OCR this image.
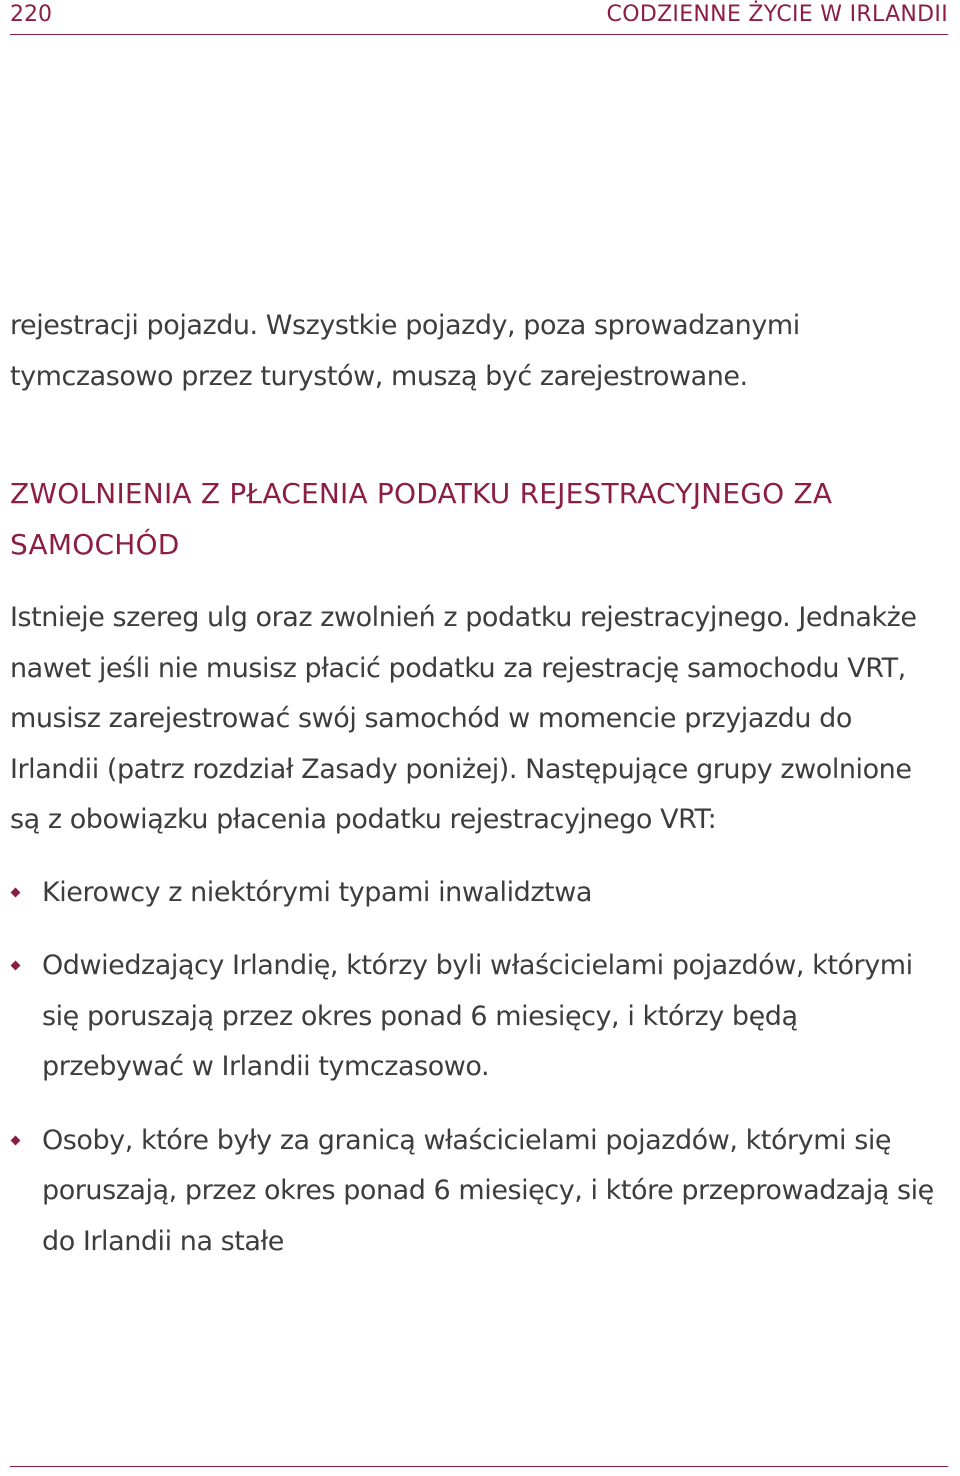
220	CODZIENNE ŻYCIE W IRLANDII

rejestracji pojazdu. Wszystkie pojazdy, poza sprowadzanymi tymczasowo przez turystów, muszą być zarejestrowane.

ZWOLNIENIA Z PŁACENIA PODATKU REJESTRACYJNEGO ZA SAMOCHÓD

Istnieje szereg ulg oraz zwolnień z podatku rejestracyjnego. Jednakże nawet jeśli nie musisz płacić podatku za rejestrację samochodu VRT, musisz zarejestrować swój samochód w momencie przyjazdu do Irlandii (patrz rozdział Zasady poniżej). Następujące grupy zwolnione są z obowiązku płacenia podatku rejestracyjnego VRT:

Kierowcy z niektórymi typami inwalidztwa
Odwiedzający Irlandię, którzy byli właścicielami pojazdów, którymi się poruszają przez okres ponad 6 miesięcy, i którzy będą przebywać w Irlandii tymczasowo.
Osoby, które były za granicą właścicielami pojazdów, którymi się poruszają, przez okres ponad 6 miesięcy, i które przeprowadzają się do Irlandii na stałe
